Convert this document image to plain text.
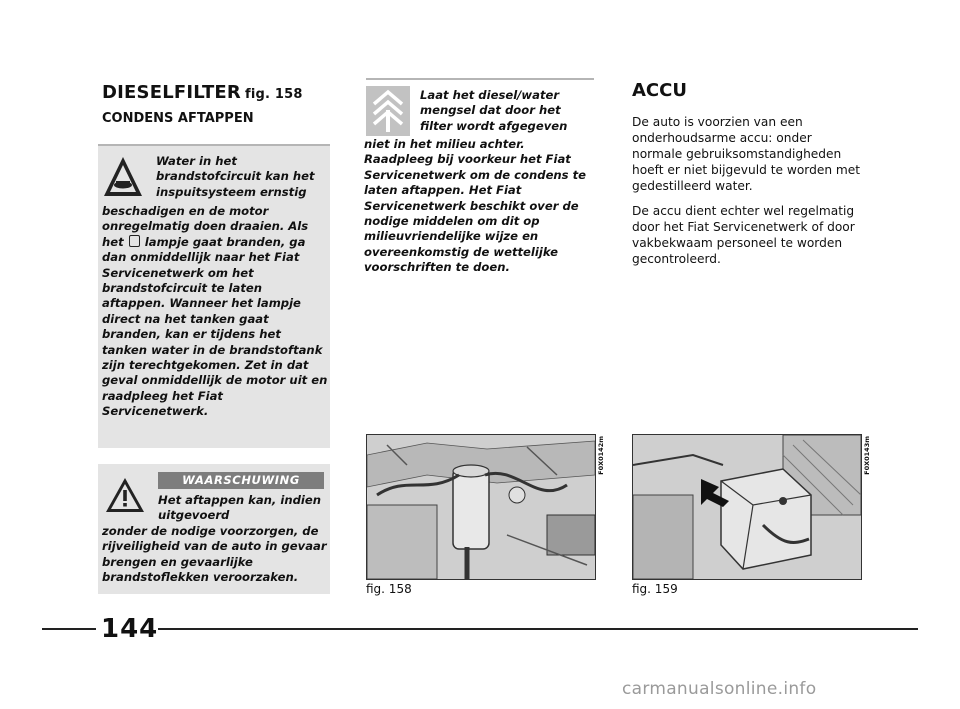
DIESELFILTER fig. 158
CONDENS AFTAPPEN
Water in het brandstofcircuit kan het inspuitsysteem ernstig
beschadigen en de motor onregelmatig doen draaien. Als het lampje gaat branden, ga dan onmiddellijk naar het Fiat Servicenetwerk om het brandstofcircuit te laten aftappen. Wanneer het lampje direct na het tanken gaat branden, kan er tijdens het tanken water in de brandstoftank zijn terechtgekomen. Zet in dat geval onmiddellijk de motor uit en raadpleeg het Fiat Servicenetwerk.
WAARSCHUWING
Het aftappen kan, indien uitgevoerd
zonder de nodige voorzorgen, de rijveiligheid van de auto in gevaar brengen en gevaarlijke brandstoflekken veroorzaken.
Laat het diesel/water mengsel dat door het filter wordt afgegeven
niet in het milieu achter. Raadpleeg bij voorkeur het Fiat Servicenetwerk om de condens te laten aftappen. Het Fiat Servicenetwerk beschikt over de nodige middelen om dit op milieuvriendelijke wijze en overeenkomstig de wettelijke voorschriften te doen.
F0X0142m
fig. 158
ACCU
De auto is voorzien van een onderhoudsarme accu: onder normale gebruiksomstandigheden hoeft er niet bijgevuld te worden met gedestilleerd water.
De accu dient echter wel regelmatig door het Fiat Servicenetwerk of door vakbekwaam personeel te worden gecontroleerd.
F0X0143m
fig. 159
144
carmanualsonline.info
